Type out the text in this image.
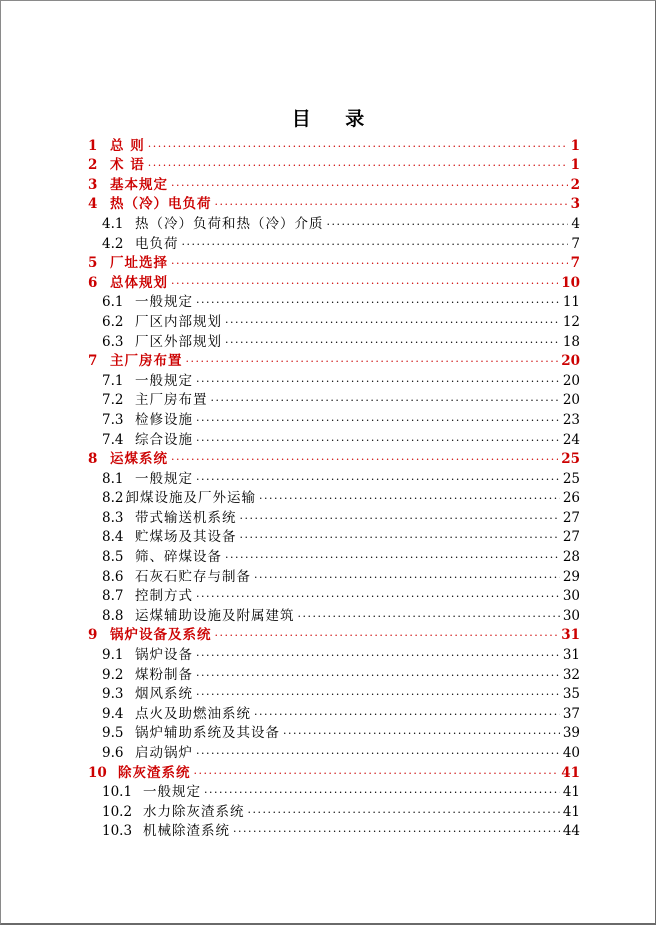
目 录
1 总 则 ·····	1
2 术 语 ·····	1
3 基本规定 ·····	2
4 热（冷）电负荷 ·····	3
4.1 热（冷）负荷和热（冷）介质 ·····	4
4.2 电负荷 ·····	7
5 厂址选择 ·····	7
6 总体规划 ·····	10
6.1 一般规定 ·····	11
6.2 厂区内部规划 ·····	12
6.3 厂区外部规划 ·····	18
7 主厂房布置 ·····	20
7.1 一般规定 ·····	20
7.2 主厂房布置 ·····	20
7.3 检修设施 ·····	23
7.4 综合设施 ·····	24
8 运煤系统 ·····	25
8.1 一般规定 ·····	25
8.2 卸煤设施及厂外运输 ·····	26
8.3 带式输送机系统 ·····	27
8.4 贮煤场及其设备 ·····	27
8.5 筛、碎煤设备 ·····	28
8.6 石灰石贮存与制备 ·····	29
8.7 控制方式 ·····	30
8.8 运煤辅助设施及附属建筑 ·····	30
9 锅炉设备及系统 ·····	31
9.1 锅炉设备 ·····	31
9.2 煤粉制备 ·····	32
9.3 烟风系统 ·····	35
9.4 点火及助燃油系统 ·····	37
9.5 锅炉辅助系统及其设备 ·····	39
9.6 启动锅炉 ·····	40
10 除灰渣系统 ·····	41
10.1 一般规定 ·····	41
10.2 水力除灰渣系统 ·····	41
10.3 机械除渣系统 ·····	44
